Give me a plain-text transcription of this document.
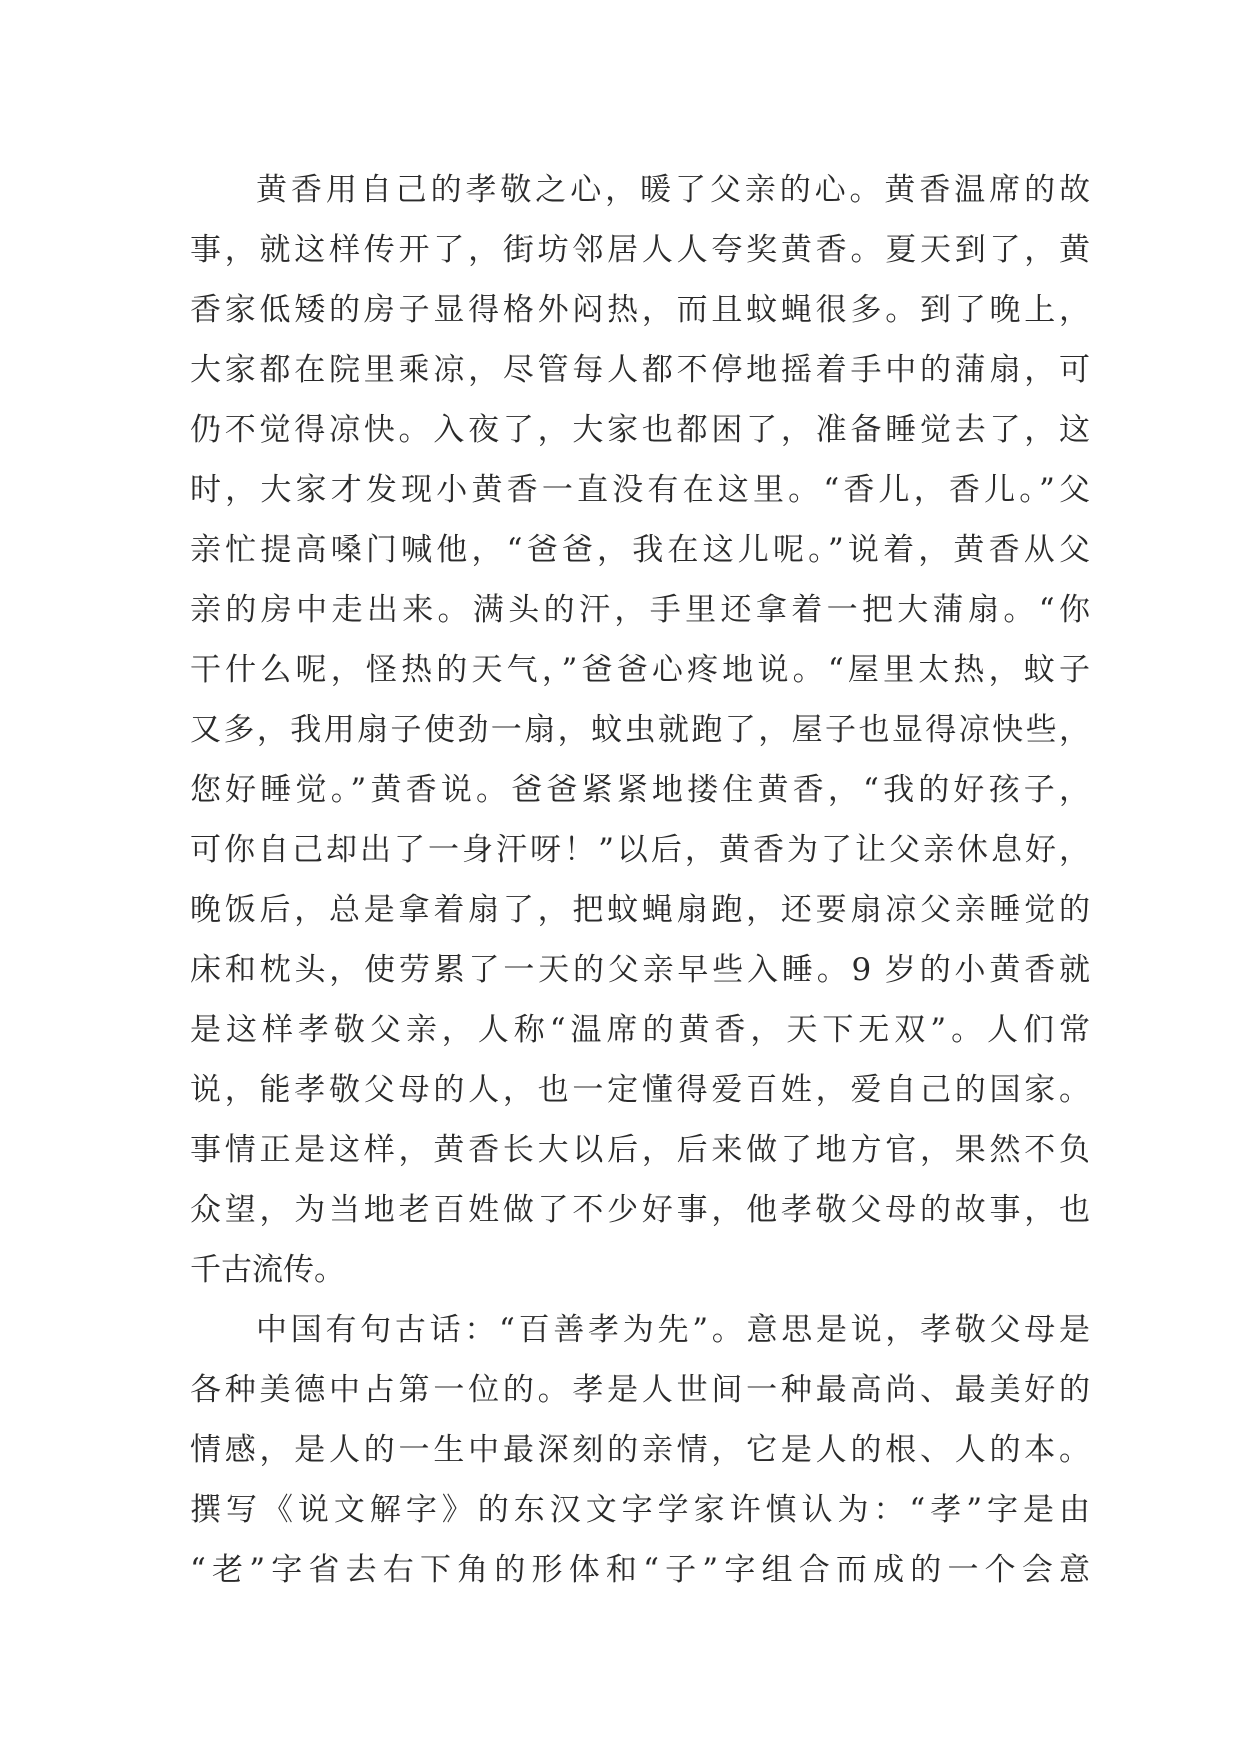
黄香用自己的孝敬之心，暖了父亲的心。黄香温席的故
事，就这样传开了，街坊邻居人人夸奖黄香。夏天到了，黄
香家低矮的房子显得格外闷热，而且蚊蝇很多。到了晚上，
大家都在院里乘凉，尽管每人都不停地摇着手中的蒲扇，可
仍不觉得凉快。入夜了，大家也都困了，准备睡觉去了，这
时，大家才发现小黄香一直没有在这里。“香儿，香儿。”父
亲忙提高嗓门喊他，“爸爸，我在这儿呢。”说着，黄香从父
亲的房中走出来。满头的汗，手里还拿着一把大蒲扇。“你
干什么呢，怪热的天气，”爸爸心疼地说。“屋里太热，蚊子
又多，我用扇子使劲一扇，蚊虫就跑了，屋子也显得凉快些，
您好睡觉。”黄香说。爸爸紧紧地搂住黄香，“我的好孩子，
可你自己却出了一身汗呀！”以后，黄香为了让父亲休息好，
晚饭后，总是拿着扇了，把蚊蝇扇跑，还要扇凉父亲睡觉的
床和枕头，使劳累了一天的父亲早些入睡。9 岁的小黄香就
是这样孝敬父亲，人称“温席的黄香，天下无双”。人们常
说，能孝敬父母的人，也一定懂得爱百姓，爱自己的国家。
事情正是这样，黄香长大以后，后来做了地方官，果然不负
众望，为当地老百姓做了不少好事，他孝敬父母的故事，也
千古流传。
中国有句古话：“百善孝为先”。意思是说，孝敬父母是
各种美德中占第一位的。孝是人世间一种最高尚、最美好的
情感，是人的一生中最深刻的亲情，它是人的根、人的本。
撰写《说文解字》的东汉文字学家许慎认为：“孝”字是由
“老”字省去右下角的形体和“子”字组合而成的一个会意
